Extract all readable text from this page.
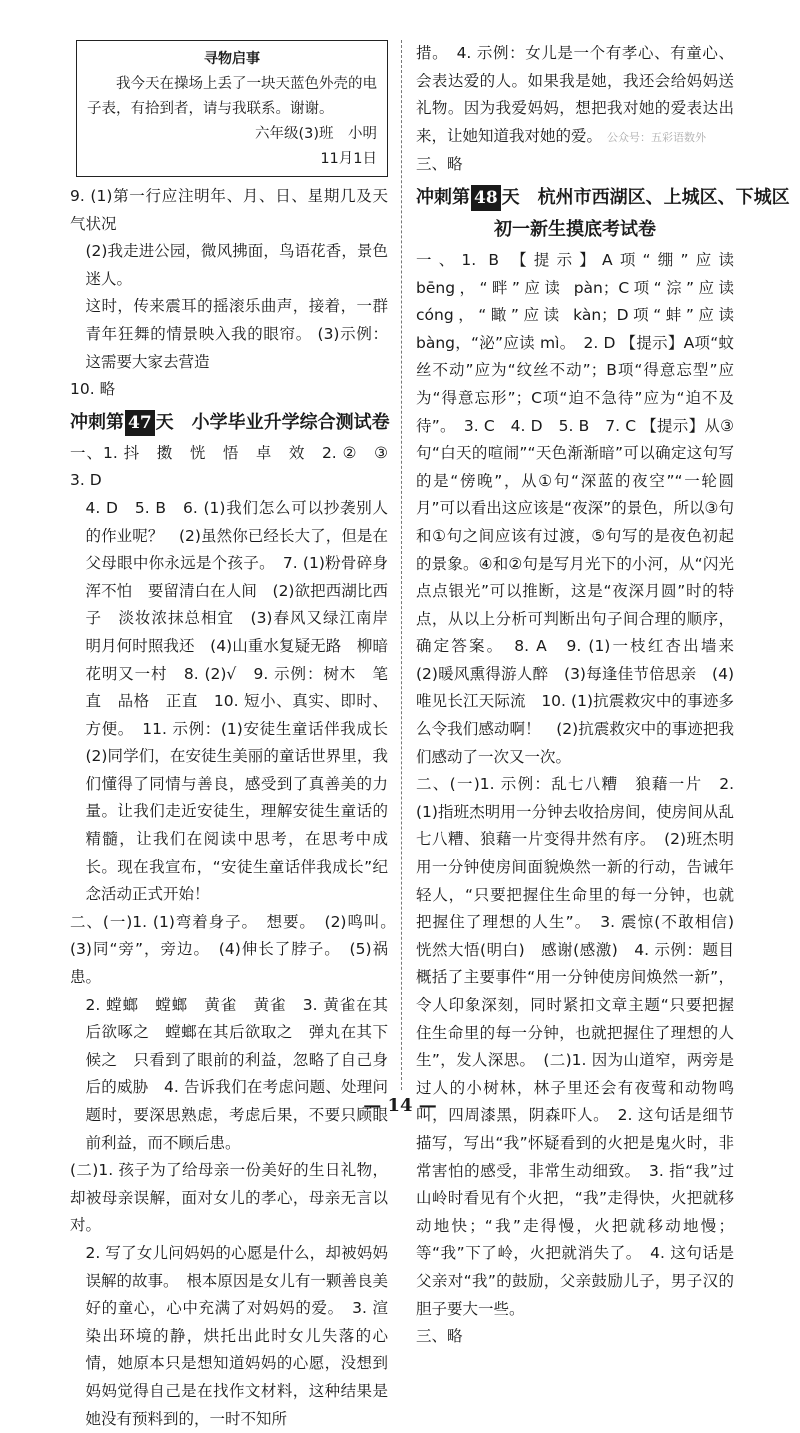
寻物启事
我今天在操场上丢了一块天蓝色外壳的电子表，有拾到者，请与我联系。谢谢。
六年级(3)班　小明
11月1日

9. (1)第一行应注明年、月、日、星期几及天气状况

(2)我走进公园，微风拂面，鸟语花香，景色迷人。

这时，传来震耳的摇滚乐曲声，接着，一群青年狂舞的情景映入我的眼帘。 (3)示例：这需要大家去营造

10. 略

冲刺第 47 天　小学毕业升学综合测试卷

一、1. 抖　擞　恍　悟　卓　效　2. ②　③　3. D

4. D　5. B　6. (1)我们怎么可以抄袭别人的作业呢？　(2)虽然你已经长大了，但是在父母眼中你永远是个孩子。　7. (1)粉骨碎身浑不怕　要留清白在人间　(2)欲把西湖比西子　淡妆浓抹总相宜　(3)春风又绿江南岸　明月何时照我还　(4)山重水复疑无路　柳暗花明又一村　8. (2)√　9. 示例：树木　笔直　品格　正直　10. 短小、真实、即时、方便。　11. 示例：(1)安徒生童话伴我成长　(2)同学们，在安徒生美丽的童话世界里，我们懂得了同情与善良，感受到了真善美的力量。让我们走近安徒生，理解安徒生童话的精髓，让我们在阅读中思考，在思考中成长。现在我宣布，“安徒生童话伴我成长”纪念活动正式开始！

二、(一)1. (1)弯着身子。　想要。　(2)鸣叫。　(3)同“旁”，旁边。　(4)伸长了脖子。　(5)祸患。

2. 螳螂　螳螂　黄雀　黄雀　3. 黄雀在其后欲啄之　螳螂在其后欲取之　弹丸在其下候之　只看到了眼前的利益，忽略了自己身后的威胁　4. 告诉我们在考虑问题、处理问题时，要深思熟虑，考虑后果，不要只顾眼前利益，而不顾后患。

(二)1. 孩子为了给母亲一份美好的生日礼物，却被母亲误解，面对女儿的孝心，母亲无言以对。

2. 写了女儿问妈妈的心愿是什么，却被妈妈误解的故事。　根本原因是女儿有一颗善良美好的童心，心中充满了对妈妈的爱。　3. 渲染出环境的静，烘托出此时女儿失落的心情，她原本只是想知道妈妈的心愿，没想到妈妈觉得自己是在找作文材料，这种结果是她没有预料到的，一时不知所

措。　4. 示例：女儿是一个有孝心、有童心、会表达爱的人。如果我是她，我还会给妈妈送礼物。因为我爱妈妈，想把我对她的爱表达出来，让她知道我对她的爱。 公众号：五彩语数外

三、略

冲刺第 48 天　杭州市西湖区、上城区、下城区
初一新生摸底考试卷

一、1. B 【提示】A项“绷”应读 bēng，“畔”应读 pàn；C项“淙”应读 cóng，“瞰”应读 kàn；D项“蚌”应读 bàng，“泌”应读 mì。　2. D 【提示】A项“蚊丝不动”应为“纹丝不动”；B项“得意忘型”应为“得意忘形”；C项“迫不急待”应为“迫不及待”。　3. C　4. D　5. B　7. C 【提示】从③句“白天的喧闹”“天色渐渐暗”可以确定这句写的是“傍晚”，从①句“深蓝的夜空”“一轮圆月”可以看出这应该是“夜深”的景色，所以③句和①句之间应该有过渡，⑤句写的是夜色初起的景象。④和②句是写月光下的小河，从“闪光点点银光”可以推断，这是“夜深月圆”时的特点，从以上分析可判断出句子间合理的顺序，确定答案。　8. A　9. (1)一枝红杏出墙来　(2)暖风熏得游人醉　(3)每逢佳节倍思亲　(4)唯见长江天际流　10. (1)抗震救灾中的事迹多么令我们感动啊！　(2)抗震救灾中的事迹把我们感动了一次又一次。

二、(一)1. 示例：乱七八糟　狼藉一片　2. (1)指班杰明用一分钟去收拾房间，使房间从乱七八糟、狼藉一片变得井然有序。　(2)班杰明用一分钟使房间面貌焕然一新的行动，告诫年轻人，“只要把握住生命里的每一分钟，也就把握住了理想的人生”。　3. 震惊(不敢相信)　恍然大悟(明白)　感谢(感激)　4. 示例：题目概括了主要事件“用一分钟使房间焕然一新”，令人印象深刻，同时紧扣文章主题“只要把握住生命里的每一分钟，也就把握住了理想的人生”，发人深思。　(二)1. 因为山道窄，两旁是过人的小树林，林子里还会有夜莺和动物鸣叫，四周漆黑，阴森吓人。　2. 这句话是细节描写，写出“我”怀疑看到的火把是鬼火时，非常害怕的感受，非常生动细致。　3. 指“我”过山岭时看见有个火把，“我”走得快，火把就移动地快；“我”走得慢，火把就移动地慢；等“我”下了岭，火把就消失了。　4. 这句话是父亲对“我”的鼓励，父亲鼓励儿子，男子汉的胆子要大一些。

三、略

— 14 —
